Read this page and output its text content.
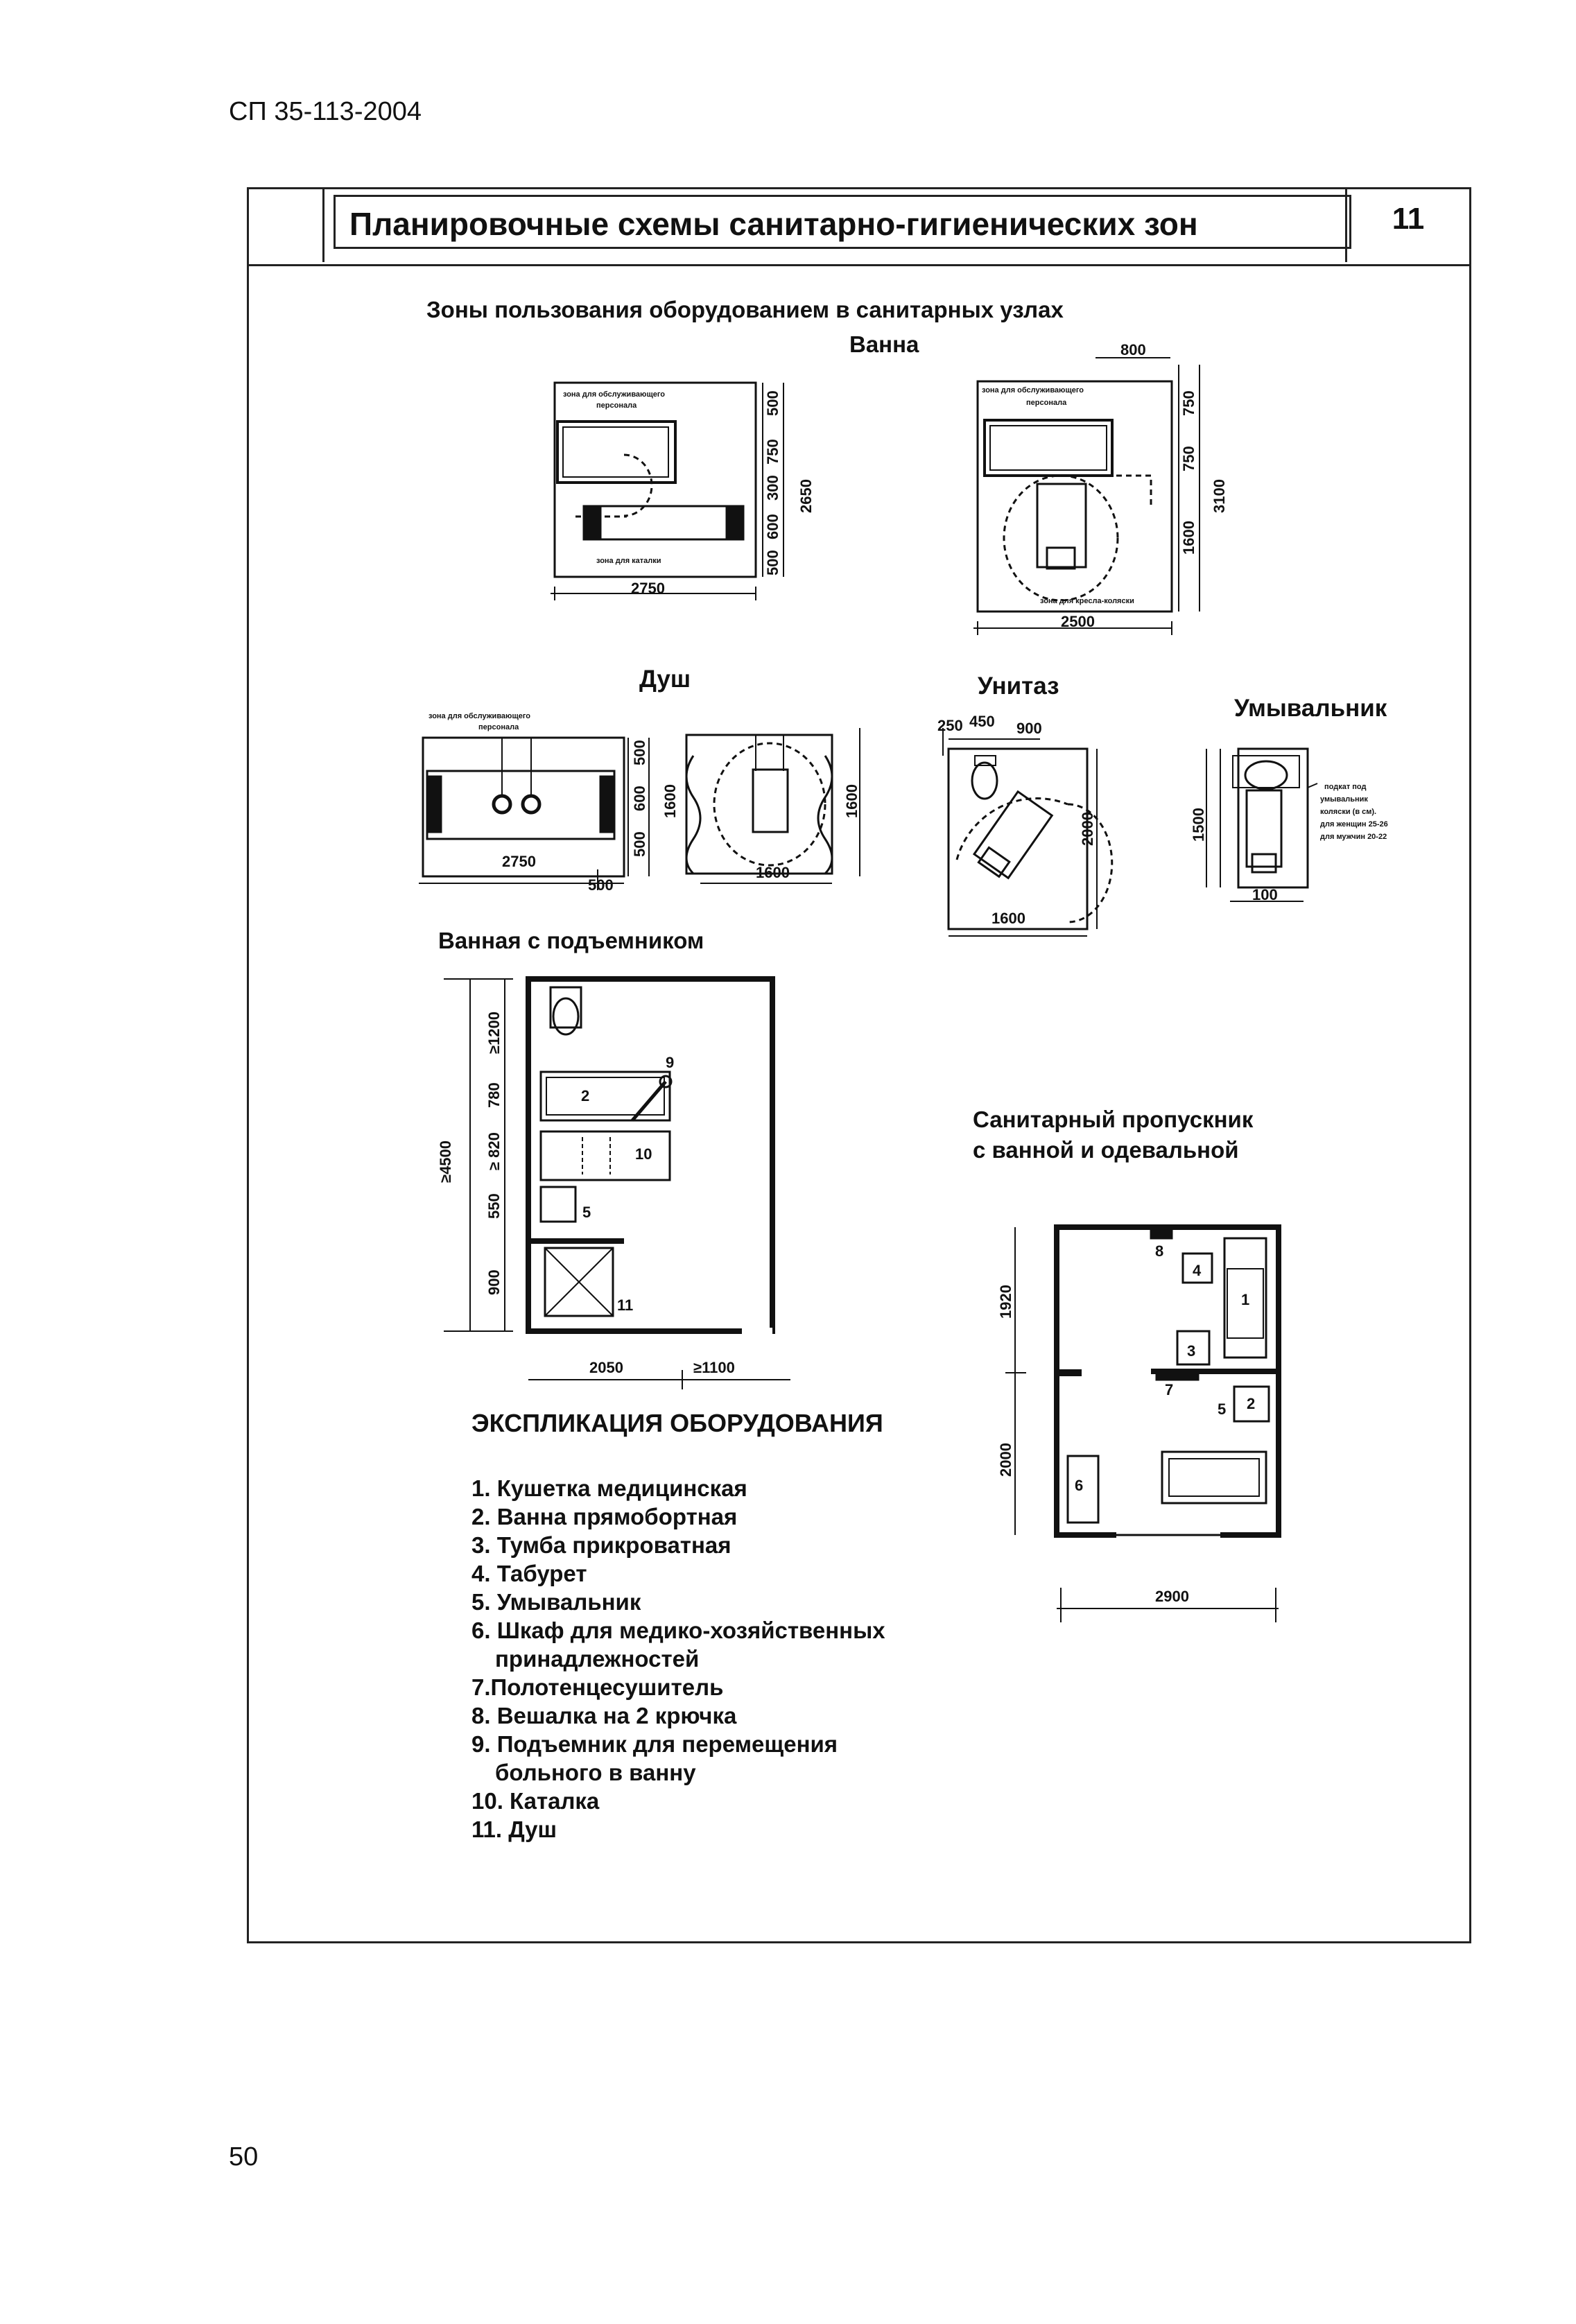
СП 35-113-2004
Планировочные схемы санитарно-гигиенических зон	11
Зоны пользования оборудованием в санитарных узлах
Ванна
Душ	Унитаз
Умывальник
Ванная с подъемником
Санитарный пропускник
с ванной и одевальной
зона для обслуживающего
персонала
зона для каталки
2750
500
750
300
600
500
2650
зона для обслуживающего
персонала
зона для кресла-коляски
800
2500
750
750
1600
3100
зона для обслуживающего
персонала
2750
500
500
600
500
1600
1600
1600
250 450 900
2000
1600
1500
100
подкат под
умывальник
коляски (в см).
для женщин 25-26
для мужчин 20-22
≥1200
780
≥ 820
550
900
≥4500
2050	≥1100
2
5
9
10
11	1920
2000
2900
1
2
3
4
5
6
7
8
ЭКСПЛИКАЦИЯ ОБОРУДОВАНИЯ
1. Кушетка медицинская
2. Ванна прямобортная
3. Тумба прикроватная
4. Табурет
5. Умывальник
6. Шкаф для медико-хозяйственных
принадлежностей
7.Полотенцесушитель
8. Вешалка на 2 крючка
9. Подъемник для перемещения
больного в ванну
10. Каталка
11. Душ
50
